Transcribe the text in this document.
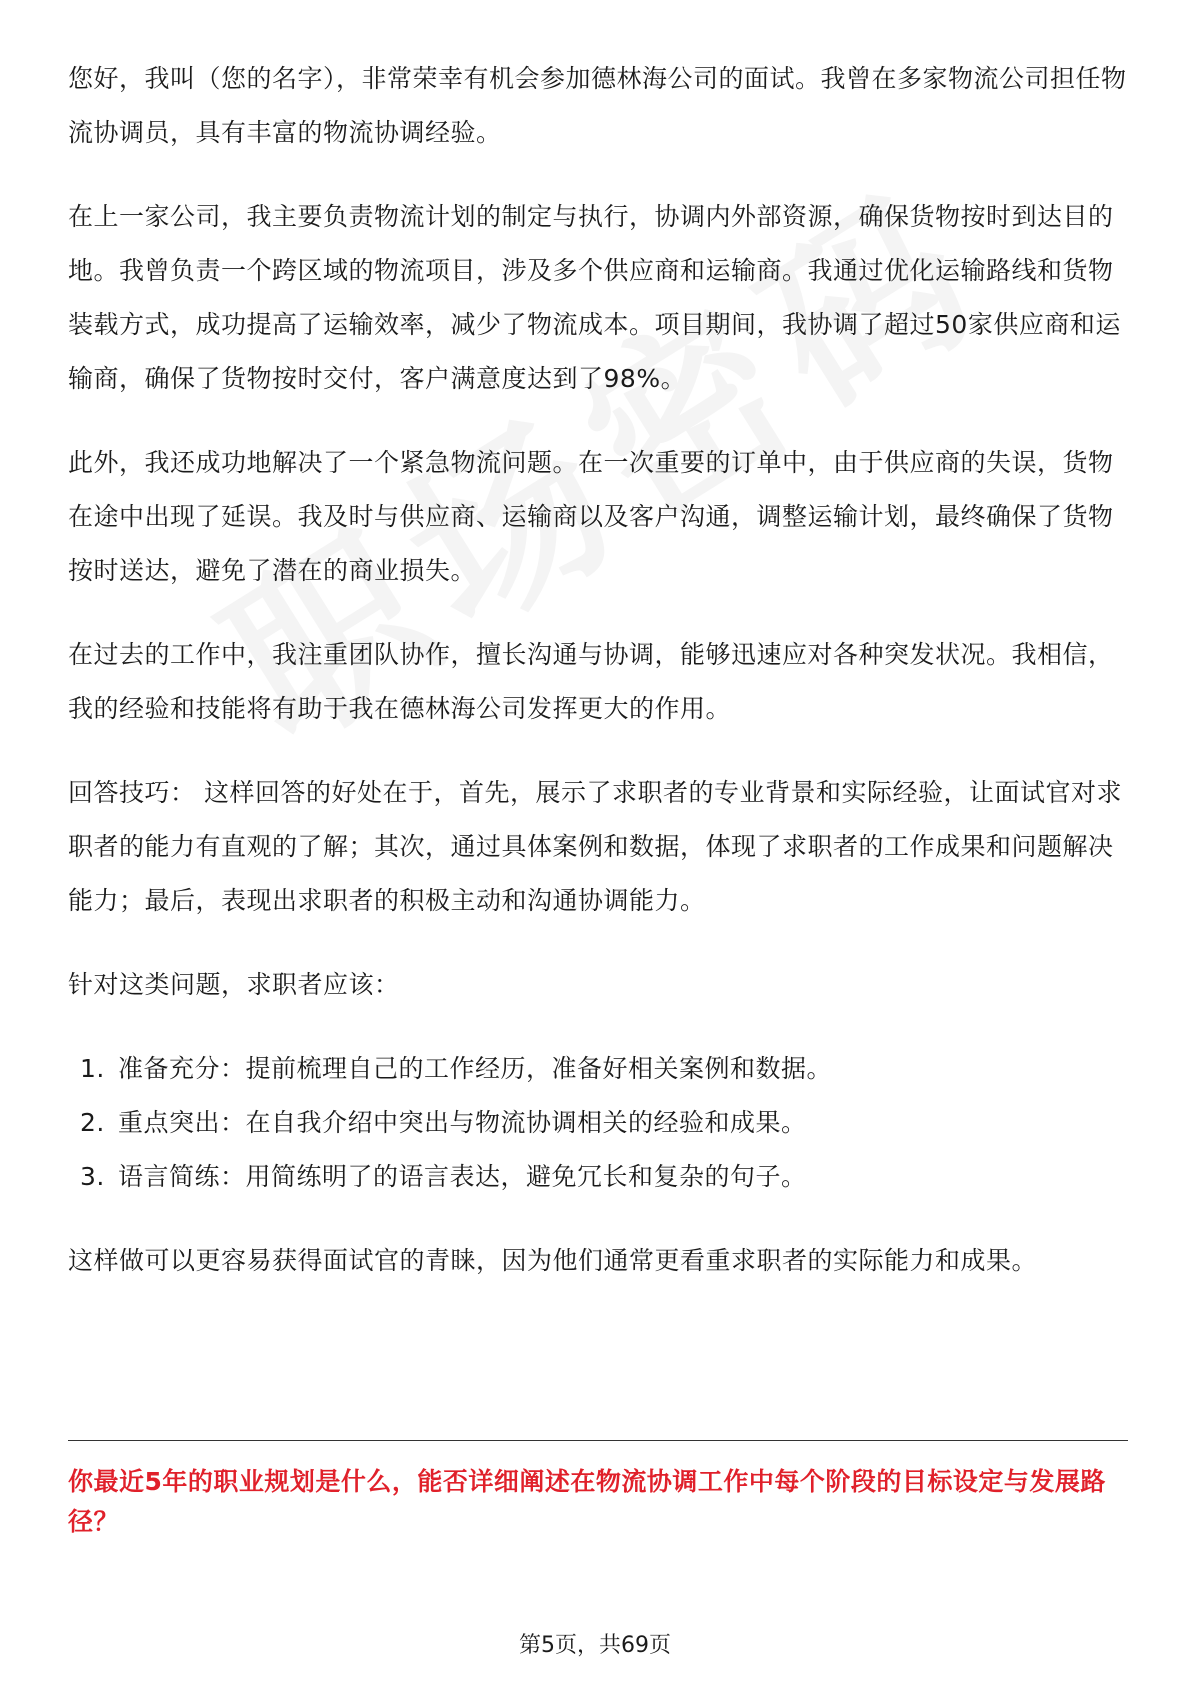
您好，我叫（您的名字），非常荣幸有机会参加德林海公司的面试。我曾在多家物流公司担任物流协调员，具有丰富的物流协调经验。

在上一家公司，我主要负责物流计划的制定与执行，协调内外部资源，确保货物按时到达目的地。我曾负责一个跨区域的物流项目，涉及多个供应商和运输商。我通过优化运输路线和货物装载方式，成功提高了运输效率，减少了物流成本。项目期间，我协调了超过50家供应商和运输商，确保了货物按时交付，客户满意度达到了98%。

此外，我还成功地解决了一个紧急物流问题。在一次重要的订单中，由于供应商的失误，货物在途中出现了延误。我及时与供应商、运输商以及客户沟通，调整运输计划，最终确保了货物按时送达，避免了潜在的商业损失。

在过去的工作中，我注重团队协作，擅长沟通与协调，能够迅速应对各种突发状况。我相信，我的经验和技能将有助于我在德林海公司发挥更大的作用。

回答技巧： 这样回答的好处在于，首先，展示了求职者的专业背景和实际经验，让面试官对求职者的能力有直观的了解；其次，通过具体案例和数据，体现了求职者的工作成果和问题解决能力；最后，表现出求职者的积极主动和沟通协调能力。

针对这类问题，求职者应该：

1. 准备充分：提前梳理自己的工作经历，准备好相关案例和数据。
2. 重点突出：在自我介绍中突出与物流协调相关的经验和成果。
3. 语言简练：用简练明了的语言表达，避免冗长和复杂的句子。

这样做可以更容易获得面试官的青睐，因为他们通常更看重求职者的实际能力和成果。

你最近5年的职业规划是什么，能否详细阐述在物流协调工作中每个阶段的目标设定与发展路径？
第5页，共69页
